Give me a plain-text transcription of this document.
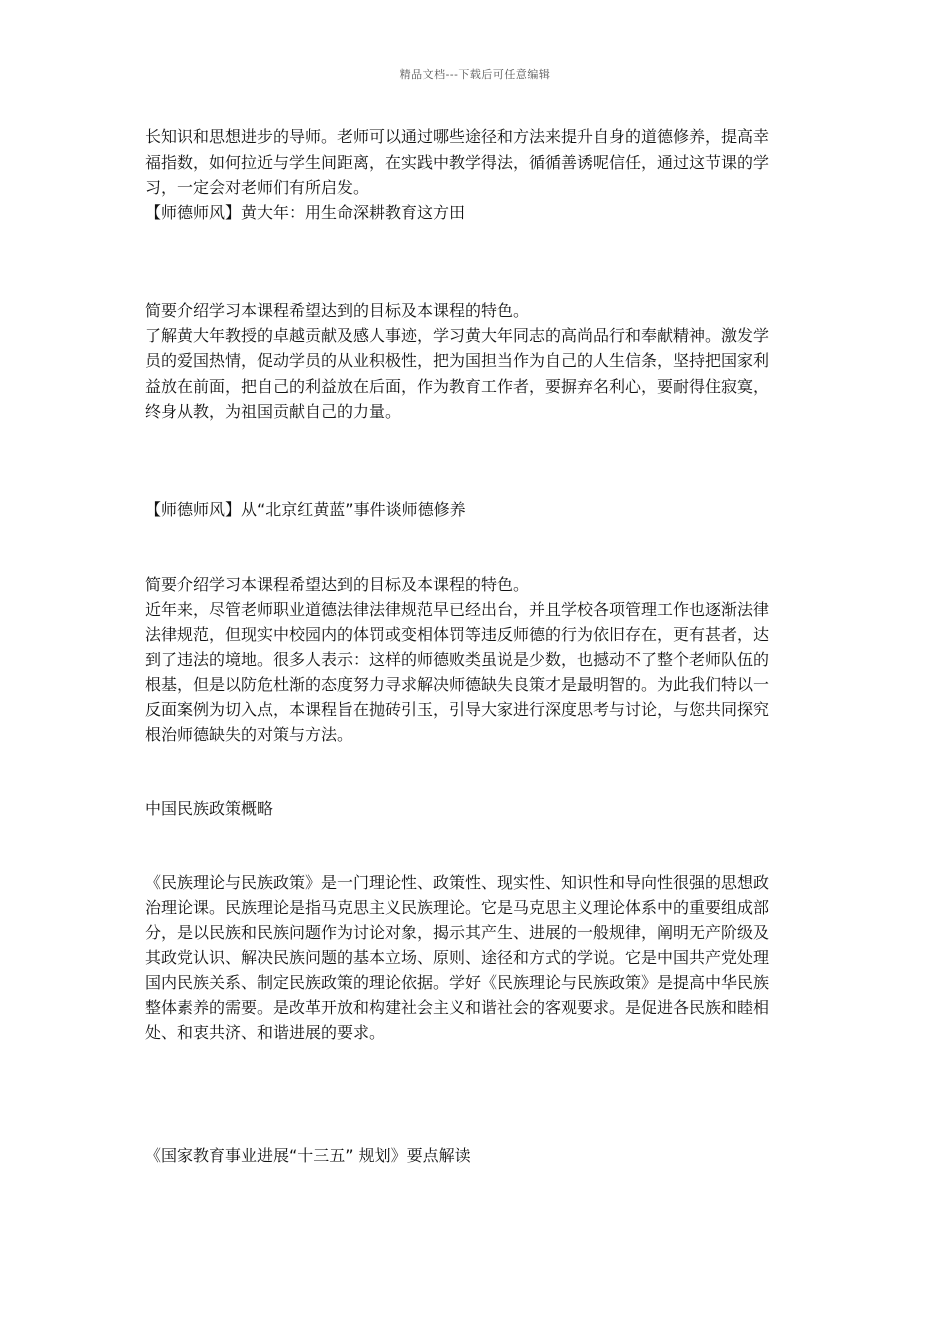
精品文档---下载后可任意编辑
长知识和思想进步的导师。老师可以通过哪些途径和方法来提升自身的道德修养，提高幸
福指数，如何拉近与学生间距离，在实践中教学得法，循循善诱呢信任，通过这节课的学
习，一定会对老师们有所启发。
【师德师风】黄大年：用生命深耕教育这方田
简要介绍学习本课程希望达到的目标及本课程的特色。
了解黄大年教授的卓越贡献及感人事迹，学习黄大年同志的高尚品行和奉献精神。激发学
员的爱国热情，促动学员的从业积极性，把为国担当作为自己的人生信条，坚持把国家利
益放在前面，把自己的利益放在后面，作为教育工作者，要摒弃名利心，要耐得住寂寞，
终身从教，为祖国贡献自己的力量。
【师德师风】从“北京红黄蓝”事件谈师德修养
简要介绍学习本课程希望达到的目标及本课程的特色。
近年来，尽管老师职业道德法律法律规范早已经出台，并且学校各项管理工作也逐渐法律
法律规范，但现实中校园内的体罚或变相体罚等违反师德的行为依旧存在，更有甚者，达
到了违法的境地。很多人表示：这样的师德败类虽说是少数，也撼动不了整个老师队伍的
根基，但是以防危杜渐的态度努力寻求解决师德缺失良策才是最明智的。为此我们特以一
反面案例为切入点，本课程旨在抛砖引玉，引导大家进行深度思考与讨论，与您共同探究
根治师德缺失的对策与方法。
中国民族政策概略
《民族理论与民族政策》是一门理论性、政策性、现实性、知识性和导向性很强的思想政
治理论课。民族理论是指马克思主义民族理论。它是马克思主义理论体系中的重要组成部
分，是以民族和民族问题作为讨论对象，揭示其产生、进展的一般规律，阐明无产阶级及
其政党认识、解决民族问题的基本立场、原则、途径和方式的学说。它是中国共产党处理
国内民族关系、制定民族政策的理论依据。学好《民族理论与民族政策》是提高中华民族
整体素养的需要。是改革开放和构建社会主义和谐社会的客观要求。是促进各民族和睦相
处、和衷共济、和谐进展的要求。
《国家教育事业进展“十三五” 规划》要点解读
